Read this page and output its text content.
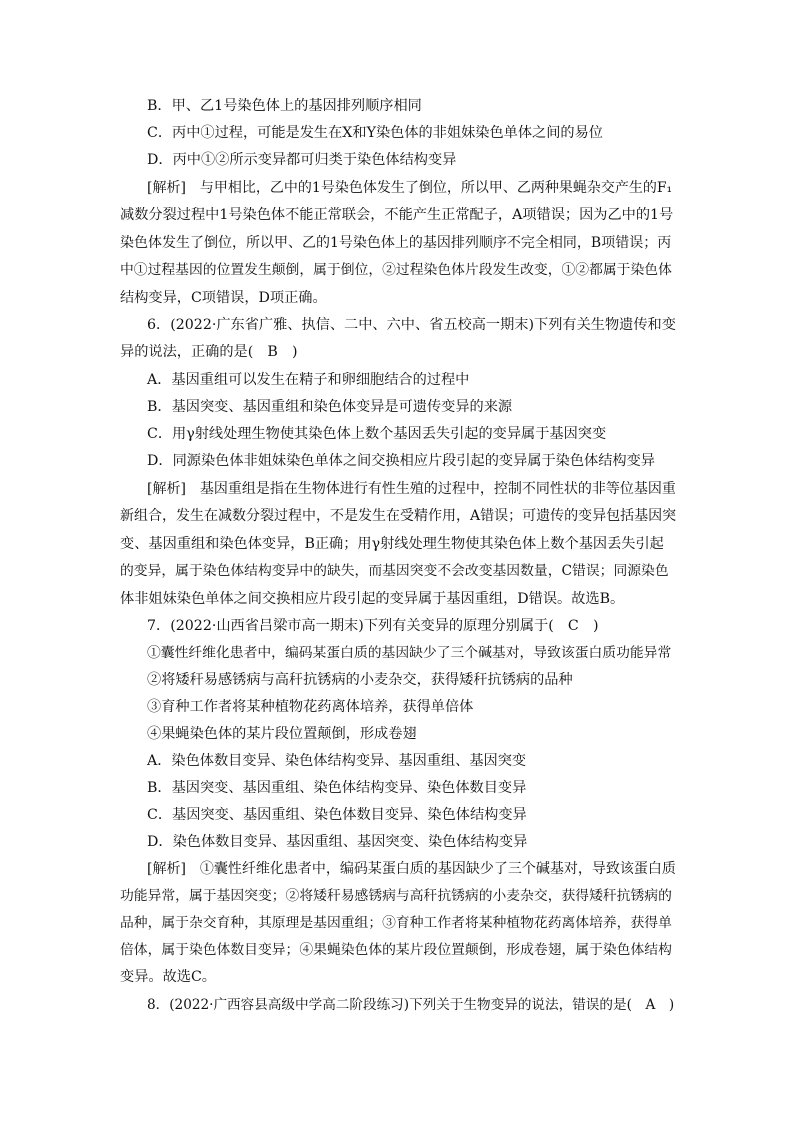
B．甲、乙1号染色体上的基因排列顺序相同
C．丙中①过程，可能是发生在X和Y染色体的非姐妹染色单体之间的易位
D．丙中①②所示变异都可归类于染色体结构变异
[解析]　与甲相比，乙中的1号染色体发生了倒位，所以甲、乙两种果蝇杂交产生的F₁
减数分裂过程中1号染色体不能正常联会，不能产生正常配子，A项错误；因为乙中的1号
染色体发生了倒位，所以甲、乙的1号染色体上的基因排列顺序不完全相同，B项错误；丙
中①过程基因的位置发生颠倒，属于倒位，②过程染色体片段发生改变，①②都属于染色体
结构变异，C项错误，D项正确。
6．(2022·广东省广雅、执信、二中、六中、省五校高一期末)下列有关生物遗传和变
异的说法，正确的是(　B　)
A．基因重组可以发生在精子和卵细胞结合的过程中
B．基因突变、基因重组和染色体变异是可遗传变异的来源
C．用γ射线处理生物使其染色体上数个基因丢失引起的变异属于基因突变
D．同源染色体非姐妹染色单体之间交换相应片段引起的变异属于染色体结构变异
[解析]　基因重组是指在生物体进行有性生殖的过程中，控制不同性状的非等位基因重
新组合，发生在减数分裂过程中，不是发生在受精作用，A错误；可遗传的变异包括基因突
变、基因重组和染色体变异，B正确；用γ射线处理生物使其染色体上数个基因丢失引起
的变异，属于染色体结构变异中的缺失，而基因突变不会改变基因数量，C错误；同源染色
体非姐妹染色单体之间交换相应片段引起的变异属于基因重组，D错误。故选B。
7．(2022·山西省吕梁市高一期末)下列有关变异的原理分别属于(　C　)
①囊性纤维化患者中，编码某蛋白质的基因缺少了三个碱基对，导致该蛋白质功能异常
②将矮秆易感锈病与高秆抗锈病的小麦杂交，获得矮秆抗锈病的品种
③育种工作者将某种植物花药离体培养，获得单倍体
④果蝇染色体的某片段位置颠倒，形成卷翅
A．染色体数目变异、染色体结构变异、基因重组、基因突变
B．基因突变、基因重组、染色体结构变异、染色体数目变异
C．基因突变、基因重组、染色体数目变异、染色体结构变异
D．染色体数目变异、基因重组、基因突变、染色体结构变异
[解析]　①囊性纤维化患者中，编码某蛋白质的基因缺少了三个碱基对，导致该蛋白质
功能异常，属于基因突变；②将矮秆易感锈病与高秆抗锈病的小麦杂交，获得矮秆抗锈病的
品种，属于杂交育种，其原理是基因重组；③育种工作者将某种植物花药离体培养，获得单
倍体，属于染色体数目变异；④果蝇染色体的某片段位置颠倒，形成卷翅，属于染色体结构
变异。故选C。
8．(2022·广西容县高级中学高二阶段练习)下列关于生物变异的说法，错误的是(　A　)
